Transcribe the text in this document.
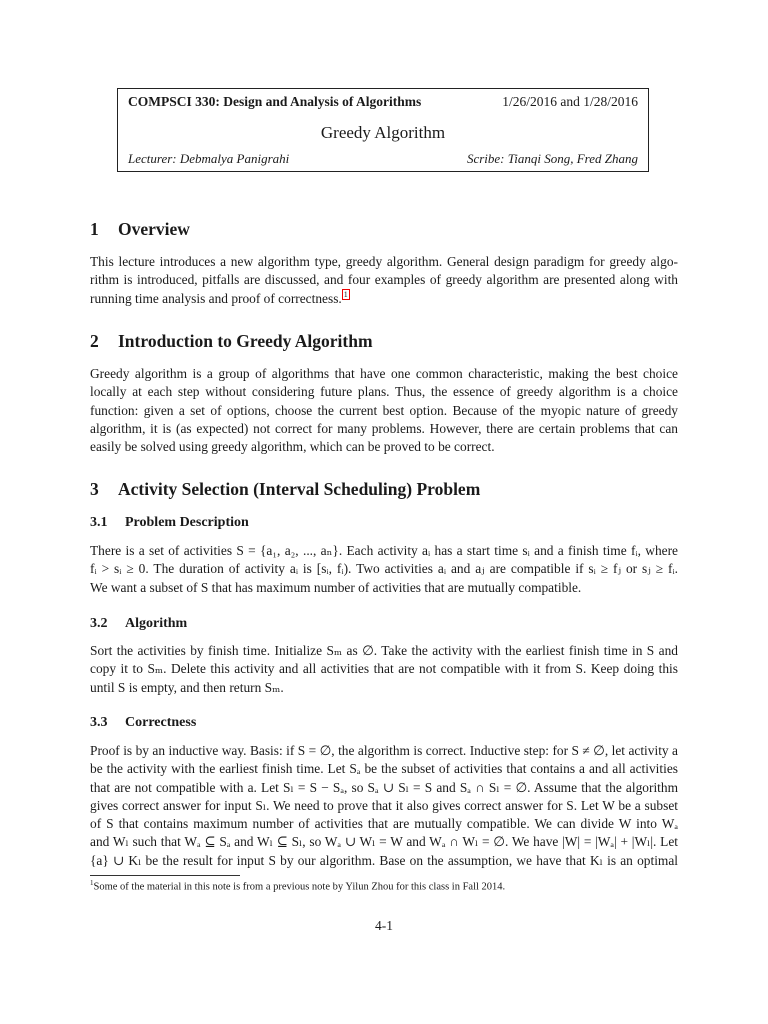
COMPSCI 330: Design and Analysis of Algorithms	1/26/2016 and 1/28/2016
Greedy Algorithm
Lecturer: Debmalya Panigrahi	Scribe: Tianqi Song, Fred Zhang
1 Overview
This lecture introduces a new algorithm type, greedy algorithm. General design paradigm for greedy algo-
rithm is introduced, pitfalls are discussed, and four examples of greedy algorithm are presented along with
running time analysis and proof of correctness. $^1$
2 Introduction to Greedy Algorithm
Greedy algorithm is a group of algorithms that have one common characteristic, making the best choice
locally at each step without considering future plans. Thus, the essence of greedy algorithm is a choice
function: given a set of options, choose the current best option. Because of the myopic nature of greedy
algorithm, it is (as expected) not correct for many problems. However, there are certain problems that can
easily be solved using greedy algorithm, which can be proved to be correct.
3 Activity Selection (Interval Scheduling) Problem
3.1 Problem Description
There is a set of activities S = {a₁, a₂, ..., aₙ}. Each activity aᵢ has a start time sᵢ and a finish time fᵢ, where
fᵢ > sᵢ ≥ 0. The duration of activity aᵢ is [sᵢ, fᵢ). Two activities aᵢ and aⱼ are compatible if sᵢ ≥ fⱼ or sⱼ ≥ fᵢ.
We want a subset of S that has maximum number of activities that are mutually compatible.
3.2 Algorithm
Sort the activities by finish time. Initialize Sₘ as ∅. Take the activity with the earliest finish time in S and
copy it to Sₘ. Delete this activity and all activities that are not compatible with it from S. Keep doing this
until S is empty, and then return Sₘ.
3.3 Correctness
Proof is by an inductive way. Basis: if S = ∅, the algorithm is correct. Inductive step: for S ≠ ∅, let activity a
be the activity with the earliest finish time. Let Sₐ be the subset of activities that contains a and all activities
that are not compatible with a. Let Sₗ = S − Sₐ, so Sₐ ∪ Sₗ = S and Sₐ ∩ Sₗ = ∅. Assume that the algorithm
gives correct answer for input Sₗ. We need to prove that it also gives correct answer for S. Let W be a subset
of S that contains maximum number of activities that are mutually compatible. We can divide W into Wₐ
and Wₗ such that Wₐ ⊆ Sₐ and Wₗ ⊆ Sₗ, so Wₐ ∪ Wₗ = W and Wₐ ∩ Wₗ = ∅. We have |W| = |Wₐ| + |Wₗ|. Let
{a} ∪ Kₗ be the result for input S by our algorithm. Base on the assumption, we have that Kₗ is an optimal
$^1$Some of the material in this note is from a previous note by Yilun Zhou for this class in Fall 2014.
4-1
